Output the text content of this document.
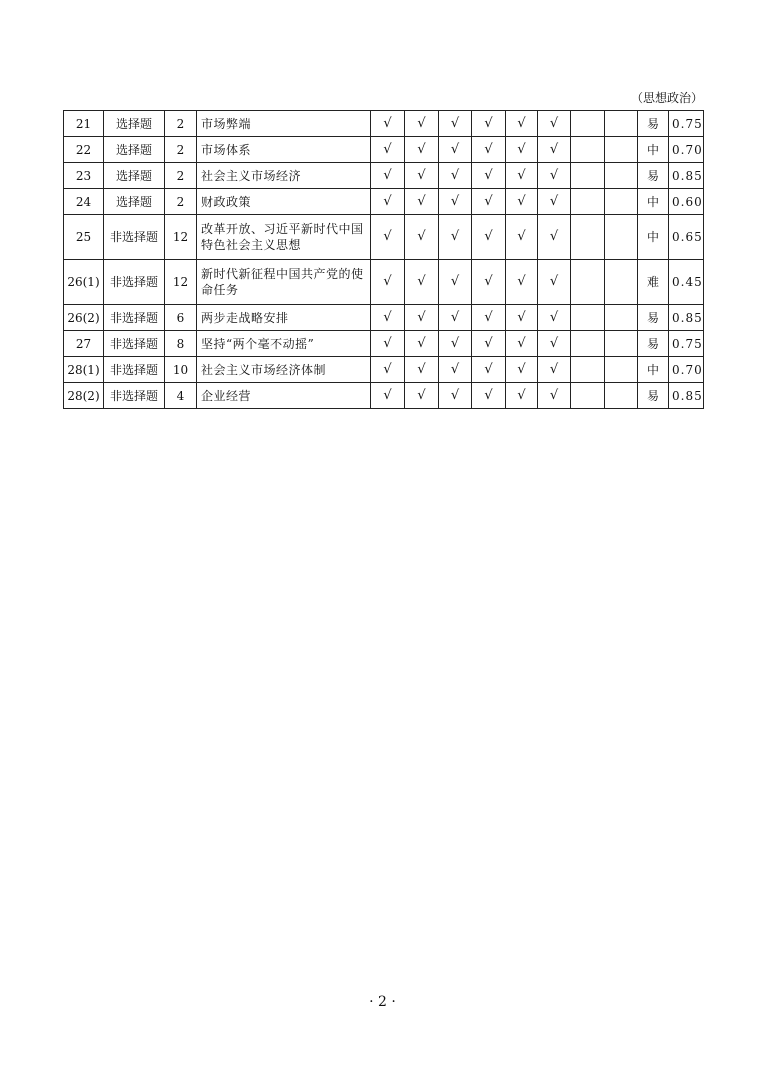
（思想政治）
21	选择题	2	市场弊端	√	√	√	√	√	√			易	0.75
22	选择题	2	市场体系	√	√	√	√	√	√			中	0.70
23	选择题	2	社会主义市场经济	√	√	√	√	√	√			易	0.85
24	选择题	2	财政政策	√	√	√	√	√	√			中	0.60
25	非选择题	12	改革开放、习近平新时代中国特色社会主义思想	√	√	√	√	√	√			中	0.65
26(1)	非选择题	12	新时代新征程中国共产党的使命任务	√	√	√	√	√	√			难	0.45
26(2)	非选择题	6	两步走战略安排	√	√	√	√	√	√			易	0.85
27	非选择题	8	坚持“两个毫不动摇”	√	√	√	√	√	√			易	0.75
28(1)	非选择题	10	社会主义市场经济体制	√	√	√	√	√	√			中	0.70
28(2)	非选择题	4	企业经营	√	√	√	√	√	√			易	0.85
· 2 ·
